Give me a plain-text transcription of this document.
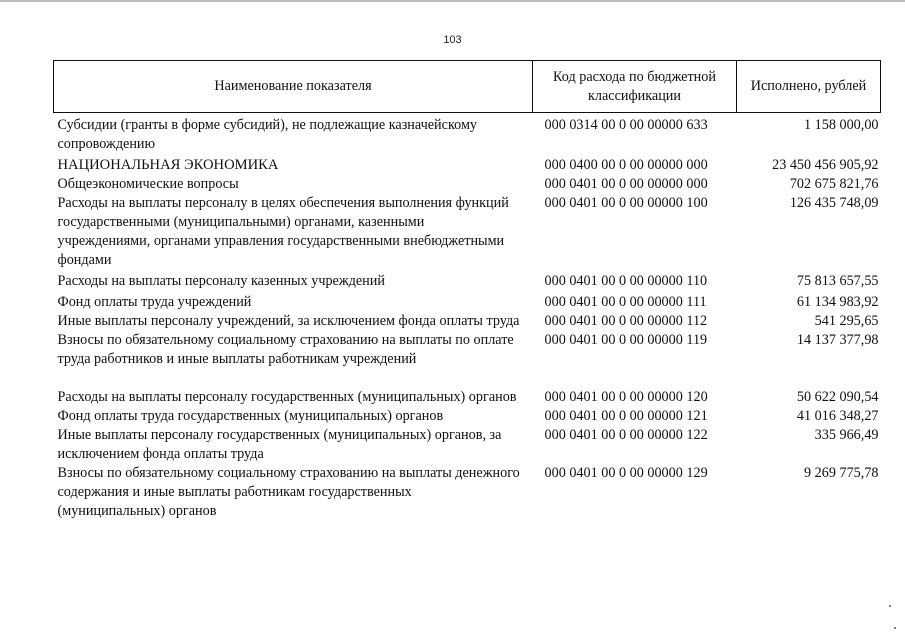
103
Наименование показателя	Код расхода по бюджетной классификации	Исполнено, рублей
Субсидии (гранты в форме субсидий), не подлежащие казначейскому сопровождению	000 0314 00 0 00 00000 633	1 158 000,00
НАЦИОНАЛЬНАЯ ЭКОНОМИКА	000 0400 00 0 00 00000 000	23 450 456 905,92
Общеэкономические вопросы	000 0401 00 0 00 00000 000	702 675 821,76
Расходы на выплаты персоналу в целях обеспечения выполнения функций государственными (муниципальными) органами, казенными учреждениями, органами управления государственными внебюджетными фондами	000 0401 00 0 00 00000 100	126 435 748,09
Расходы на выплаты персоналу казенных учреждений	000 0401 00 0 00 00000 110	75 813 657,55
Фонд оплаты труда учреждений	000 0401 00 0 00 00000 111	61 134 983,92
Иные выплаты персоналу учреждений, за исключением фонда оплаты труда	000 0401 00 0 00 00000 112	541 295,65
Взносы по обязательному социальному страхованию на выплаты по оплате труда работников и иные выплаты работникам учреждений	000 0401 00 0 00 00000 119	14 137 377,98
Расходы на выплаты персоналу государственных (муниципальных) органов	000 0401 00 0 00 00000 120	50 622 090,54
Фонд оплаты труда государственных (муниципальных) органов	000 0401 00 0 00 00000 121	41 016 348,27
Иные выплаты персоналу государственных (муниципальных) органов, за исключением фонда оплаты труда	000 0401 00 0 00 00000 122	335 966,49
Взносы по обязательному социальному страхованию на выплаты денежного содержания и иные выплаты работникам государственных (муниципальных) органов	000 0401 00 0 00 00000 129	9 269 775,78
